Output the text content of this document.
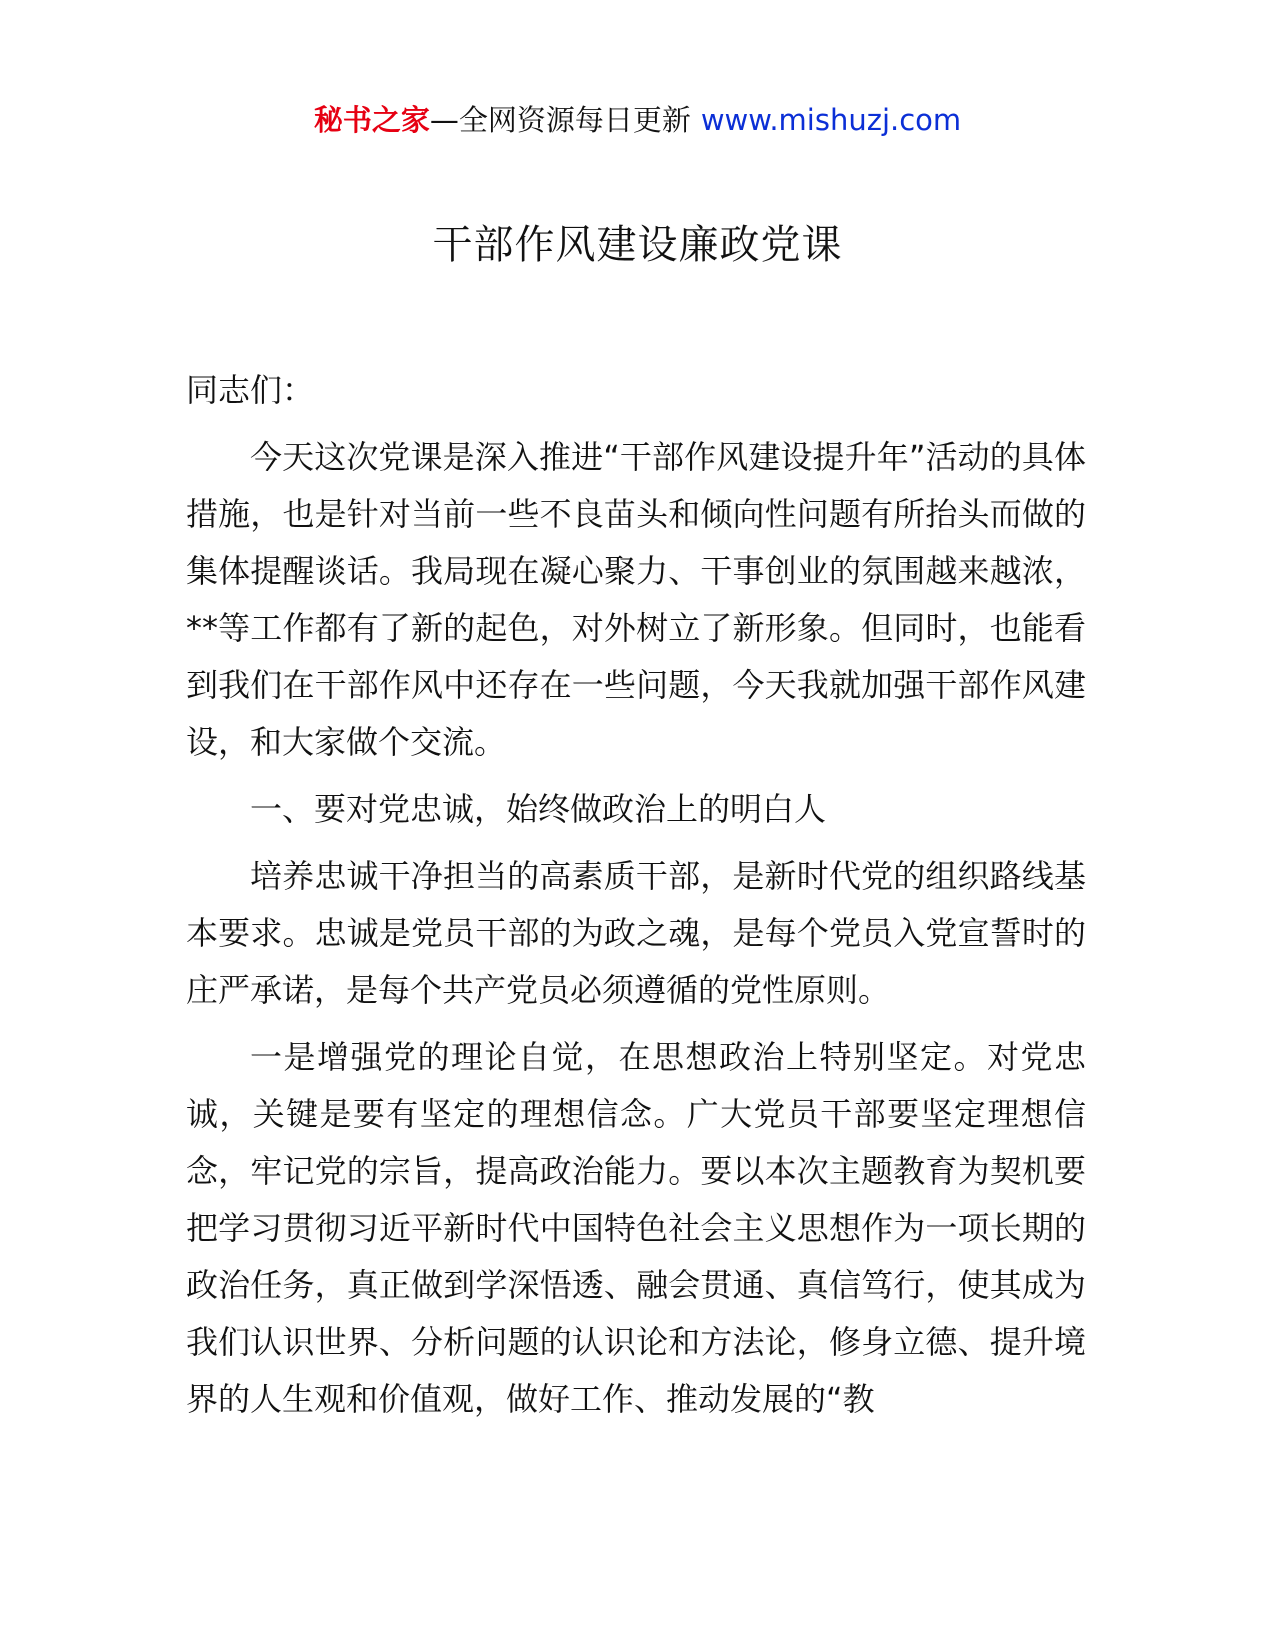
秘书之家—全网资源每日更新 www.mishuzj.com
干部作风建设廉政党课

同志们：

今天这次党课是深入推进“干部作风建设提升年”活动的具体措施，也是针对当前一些不良苗头和倾向性问题有所抬头而做的集体提醒谈话。我局现在凝心聚力、干事创业的氛围越来越浓，**等工作都有了新的起色，对外树立了新形象。但同时，也能看到我们在干部作风中还存在一些问题，今天我就加强干部作风建设，和大家做个交流。

一、要对党忠诚，始终做政治上的明白人

培养忠诚干净担当的高素质干部，是新时代党的组织路线基本要求。忠诚是党员干部的为政之魂，是每个党员入党宣誓时的庄严承诺，是每个共产党员必须遵循的党性原则。

一是增强党的理论自觉，在思想政治上特别坚定。对党忠诚，关键是要有坚定的理想信念。广大党员干部要坚定理想信念，牢记党的宗旨，提高政治能力。要以本次主题教育为契机要把学习贯彻习近平新时代中国特色社会主义思想作为一项长期的政治任务，真正做到学深悟透、融会贯通、真信笃行，使其成为我们认识世界、分析问题的认识论和方法论，修身立德、提升境界的人生观和价值观，做好工作、推动发展的“教
